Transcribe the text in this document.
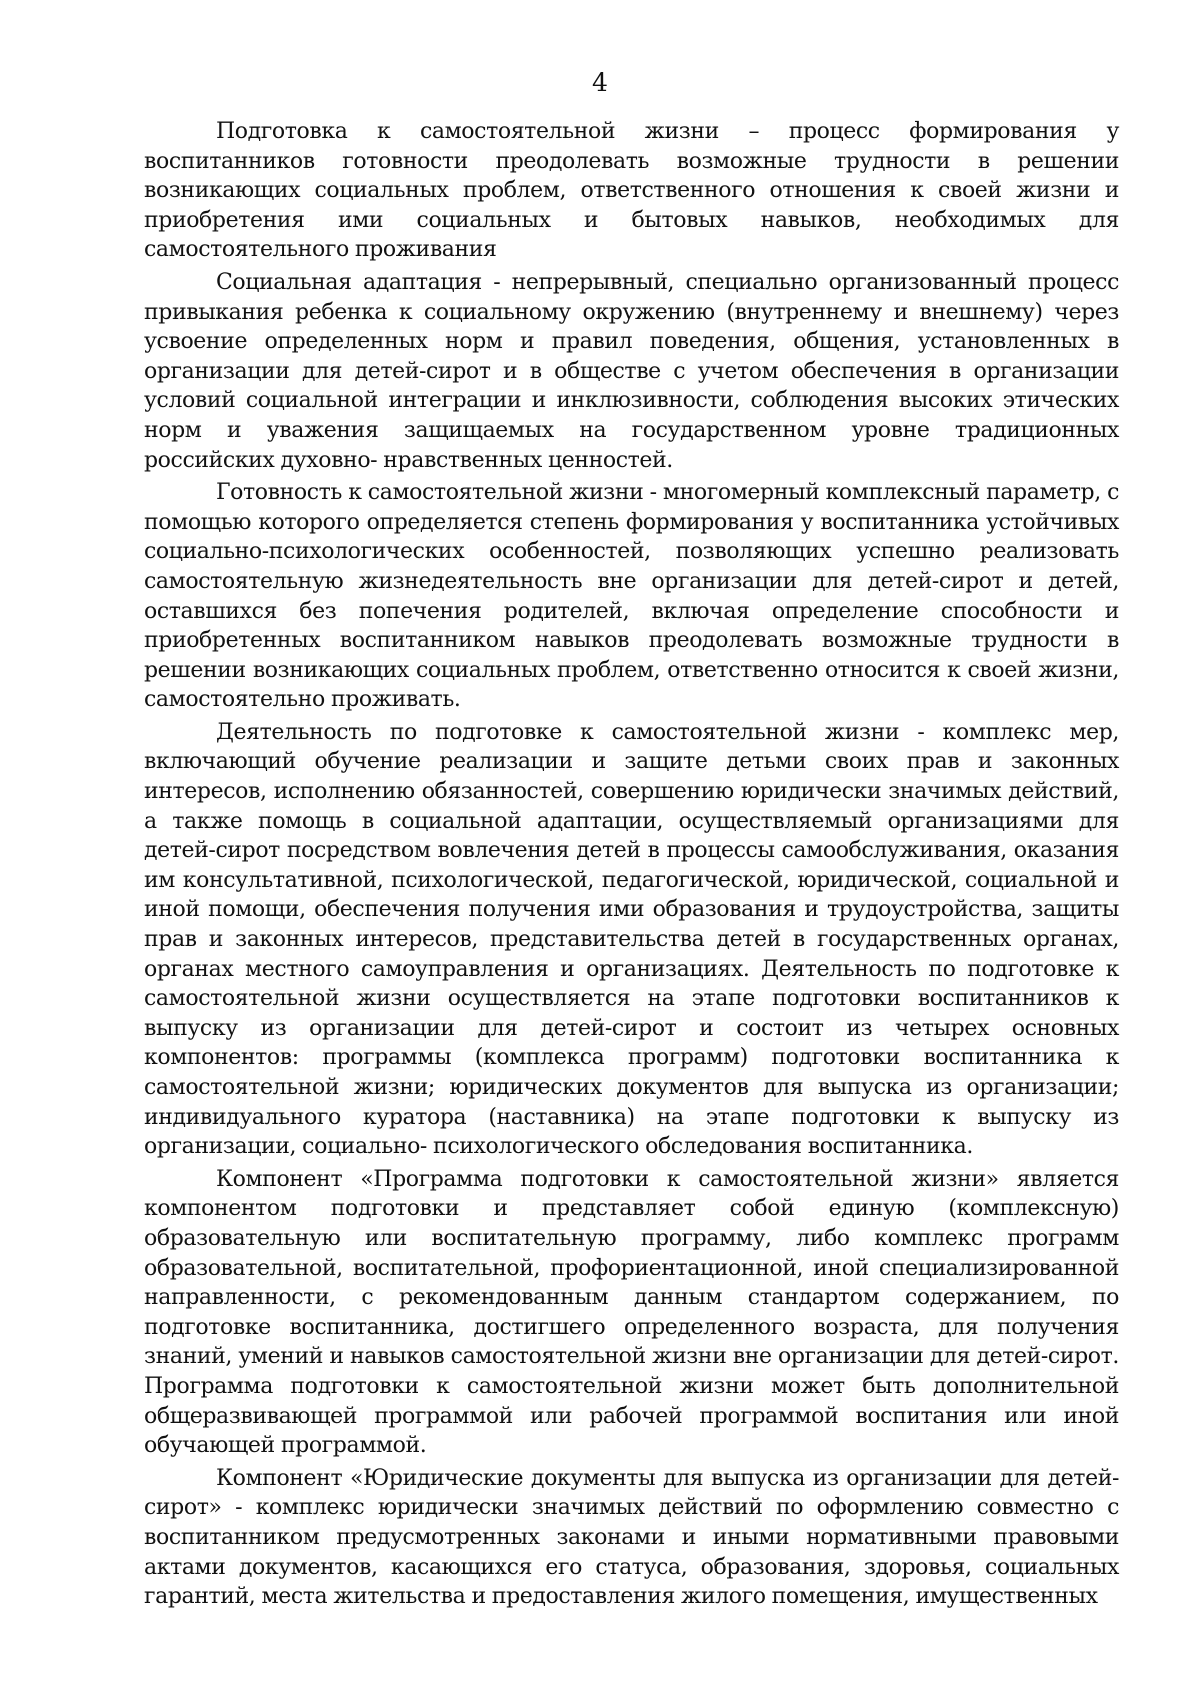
4

Подготовка к самостоятельной жизни – процесс формирования у воспитанников готовности преодолевать возможные трудности в решении возникающих социальных проблем, ответственного отношения к своей жизни и приобретения ими социальных и бытовых навыков, необходимых для самостоятельного проживания

Социальная адаптация - непрерывный, специально организованный процесс привыкания ребенка к социальному окружению (внутреннему и внешнему) через усвоение определенных норм и правил поведения, общения, установленных в организации для детей-сирот и в обществе с учетом обеспечения в организации условий социальной интеграции и инклюзивности, соблюдения высоких этических норм и уважения защищаемых на государственном уровне традиционных российских духовно- нравственных ценностей.

Готовность к самостоятельной жизни - многомерный комплексный параметр, с помощью которого определяется степень формирования у воспитанника устойчивых социально-психологических особенностей, позволяющих успешно реализовать самостоятельную жизнедеятельность вне организации для детей-сирот и детей, оставшихся без попечения родителей, включая определение способности и приобретенных воспитанником навыков преодолевать возможные трудности в решении возникающих социальных проблем, ответственно относится к своей жизни, самостоятельно проживать.

Деятельность по подготовке к самостоятельной жизни - комплекс мер, включающий обучение реализации и защите детьми своих прав и законных интересов, исполнению обязанностей, совершению юридически значимых действий, а также помощь в социальной адаптации, осуществляемый организациями для детей-сирот посредством вовлечения детей в процессы самообслуживания, оказания им консультативной, психологической, педагогической, юридической, социальной и иной помощи, обеспечения получения ими образования и трудоустройства, защиты прав и законных интересов, представительства детей в государственных органах, органах местного самоуправления и организациях. Деятельность по подготовке к самостоятельной жизни осуществляется на этапе подготовки воспитанников к выпуску из организации для детей-сирот и состоит из четырех основных компонентов: программы (комплекса программ) подготовки воспитанника к самостоятельной жизни; юридических документов для выпуска из организации; индивидуального куратора (наставника) на этапе подготовки к выпуску из организации, социально- психологического обследования воспитанника.

Компонент «Программа подготовки к самостоятельной жизни» является компонентом подготовки и представляет собой единую (комплексную) образовательную или воспитательную программу, либо комплекс программ образовательной, воспитательной, профориентационной, иной специализированной направленности, с рекомендованным данным стандартом содержанием, по подготовке воспитанника, достигшего определенного возраста, для получения знаний, умений и навыков самостоятельной жизни вне организации для детей-сирот. Программа подготовки к самостоятельной жизни может быть дополнительной общеразвивающей программой или рабочей программой воспитания или иной обучающей программой.

Компонент «Юридические документы для выпуска из организации для детей-сирот» - комплекс юридически значимых действий по оформлению совместно с воспитанником предусмотренных законами и иными нормативными правовыми актами документов, касающихся его статуса, образования, здоровья, социальных гарантий, места жительства и предоставления жилого помещения, имущественных
